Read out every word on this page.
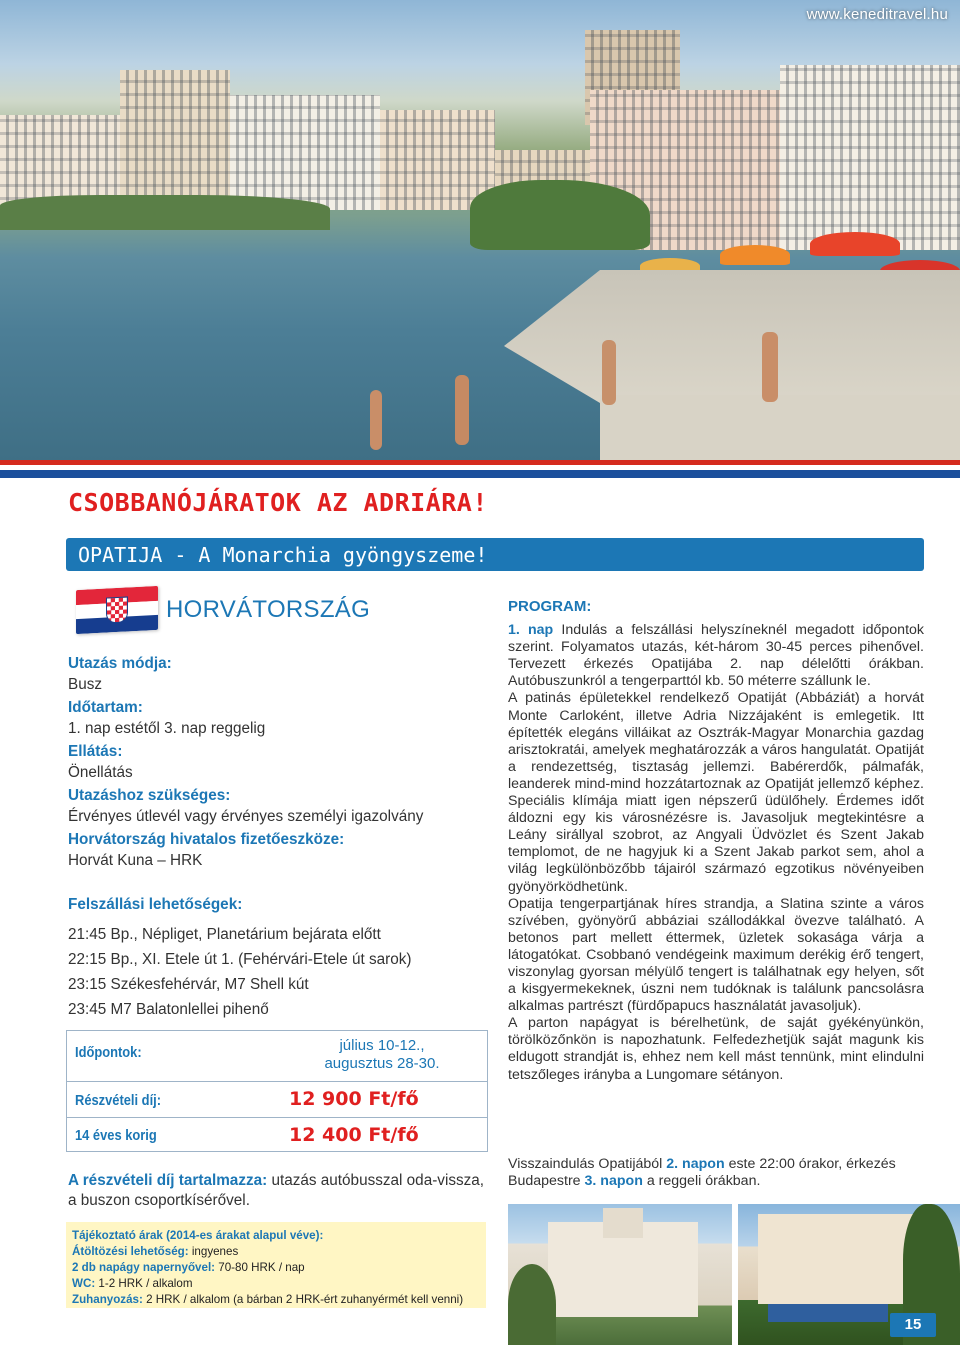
www.keneditravel.hu
CSOBBANÓJÁRATOK AZ ADRIÁRA!
OPATIJA - A Monarchia gyöngyszeme!
HORVÁTORSZÁG
Utazás módja:
Busz
Időtartam:
1. nap estétől 3. nap reggelig
Ellátás:
Önellátás
Utazáshoz szükséges:
Érvényes útlevél vagy érvényes személyi igazolvány
Horvátország hivatalos fizetőeszköze:
Horvát Kuna – HRK
Felszállási lehetőségek:
21:45 Bp., Népliget, Planetárium bejárata előtt
22:15 Bp., XI. Etele út 1. (Fehérvári-Etele út sarok)
23:15 Székesfehérvár, M7 Shell kút
23:45 M7 Balatonlellei pihenő
Időpontok:	július 10-12.,
augusztus 28-30.
Részvételi díj:	12 900 Ft/fő
14 éves korig	12 400 Ft/fő
A részvételi díj tartalmazza: utazás autóbusszal oda-vissza,
a buszon csoportkísérővel.
Tájékoztató árak (2014-es árakat alapul véve):
Átöltözési lehetőség: ingyenes
2 db napágy napernyővel: 70-80 HRK / nap
WC: 1-2 HRK / alkalom
Zuhanyozás: 2 HRK / alkalom (a bárban 2 HRK-ért zuhanyérmét kell venni)
PROGRAM:

1. nap Indulás a felszállási helyszíneknél megadott időpontok szerint. Folyamatos utazás, két-három 30-45 perces pihenővel. Tervezett érkezés Opatijába 2. nap délelőtti órákban. Autóbuszunkról a tengerparttól kb. 50 méterre szállunk le.

A patinás épületekkel rendelkező Opatiját (Abbáziát) a horvát Monte Carloként, illetve Adria Nizzájaként is emlegetik. Itt építették elegáns villáikat az Osztrák-Magyar Monarchia gazdag arisztokratái, amelyek meghatározzák a város hangulatát. Opatiját a rendezettség, tisztaság jellemzi. Babérerdők, pálmafák, leanderek mind-mind hozzátartoznak az Opatiját jellemző képhez. Speciális klímája miatt igen népszerű üdülőhely. Érdemes időt áldozni egy kis városnézésre is. Javasoljuk megtekintésre a Leány sirállyal szobrot, az Angyali Üdvözlet és Szent Jakab templomot, de ne hagyjuk ki a Szent Jakab parkot sem, ahol a világ legkülönbözőbb tájairól származó egzotikus növényeiben gyönyörködhetünk.

Opatija tengerpartjának híres strandja, a Slatina szinte a város szívében, gyönyörű abbáziai szállodákkal övezve található. A betonos part mellett éttermek, üzletek sokasága várja a látogatókat. Csobbanó vendégeink maximum derékig érő tengert, viszonylag gyorsan mélyülő tengert is találhatnak egy helyen, sőt a kisgyermekeknek, úszni nem tudóknak is találunk pancsolásra alkalmas partrészt (fürdőpapucs használatát javasoljuk).

A parton napágyat is bérelhetünk, de saját gyékényünkön, törölközőnkön is napozhatunk. Felfedezhetjük saját magunk kis eldugott strandját is, ehhez nem kell mást tennünk, mint elindulni tetszőleges irányba a Lungomare sétányon.

Visszaindulás Opatijából 2. napon este 22:00 órakor, érkezés Budapestre 3. napon a reggeli órákban.
15
